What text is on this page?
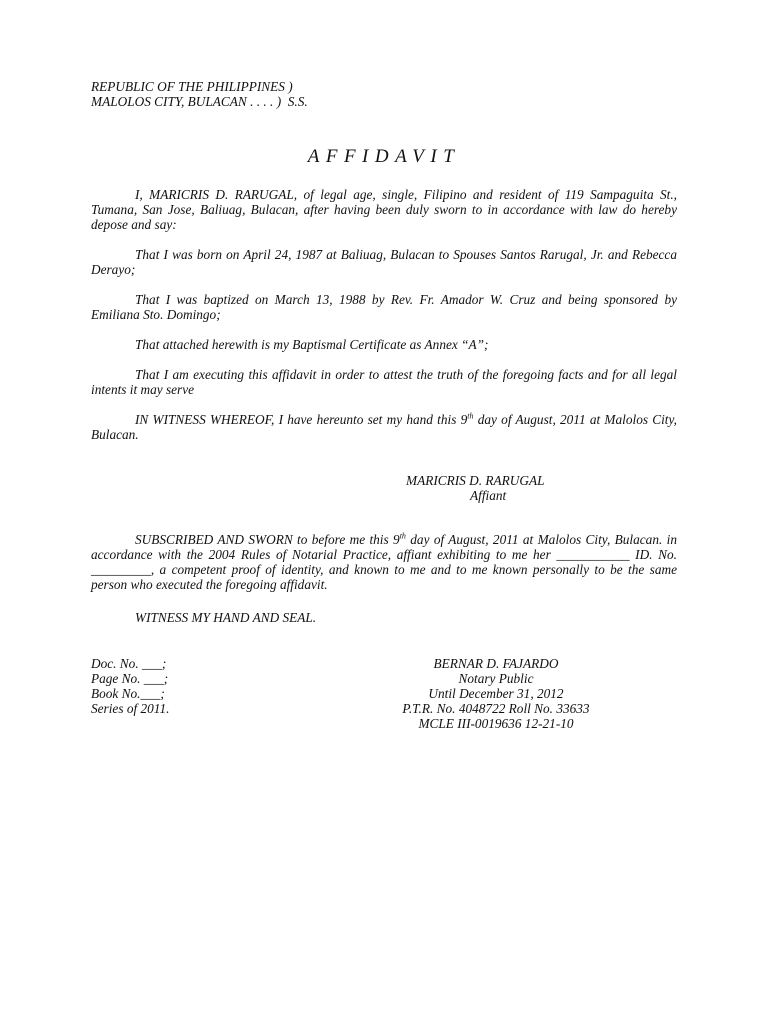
REPUBLIC OF THE PHILIPPINES )
MALOLOS CITY, BULACAN . . . . )  S.S.
AFFIDAVIT

I, MARICRIS D. RARUGAL, of legal age, single, Filipino and resident of 119 Sampaguita St., Tumana, San Jose, Baliuag, Bulacan, after having been duly sworn to in accordance with law do hereby depose and say:

That I was born on April 24, 1987 at Baliuag, Bulacan to Spouses Santos Rarugal, Jr. and Rebecca Derayo;

That I was baptized on March 13, 1988 by Rev. Fr. Amador W. Cruz and being sponsored by Emiliana Sto. Domingo;

That attached herewith is my Baptismal Certificate as Annex “A”;

That I am executing this affidavit in order to attest the truth of the foregoing facts and for all legal intents it may serve

IN WITNESS WHEREOF, I have hereunto set my hand this 9th day of August, 2011 at Malolos City, Bulacan.

MARICRIS D. RARUGAL
Affiant

SUBSCRIBED AND SWORN to before me this 9th day of August, 2011 at Malolos City, Bulacan. in accordance with the 2004 Rules of Notarial Practice, affiant exhibiting to me her ___________ ID. No. _________, a competent proof of identity, and known to me and to me known personally to be the same person who executed the foregoing affidavit.

WITNESS MY HAND AND SEAL.
Doc. No. ___;
Page No. ___;
Book No.___;
Series of 2011.
BERNAR D. FAJARDO
Notary Public
Until December 31, 2012
P.T.R. No. 4048722 Roll No. 33633
MCLE III-0019636 12-21-10
